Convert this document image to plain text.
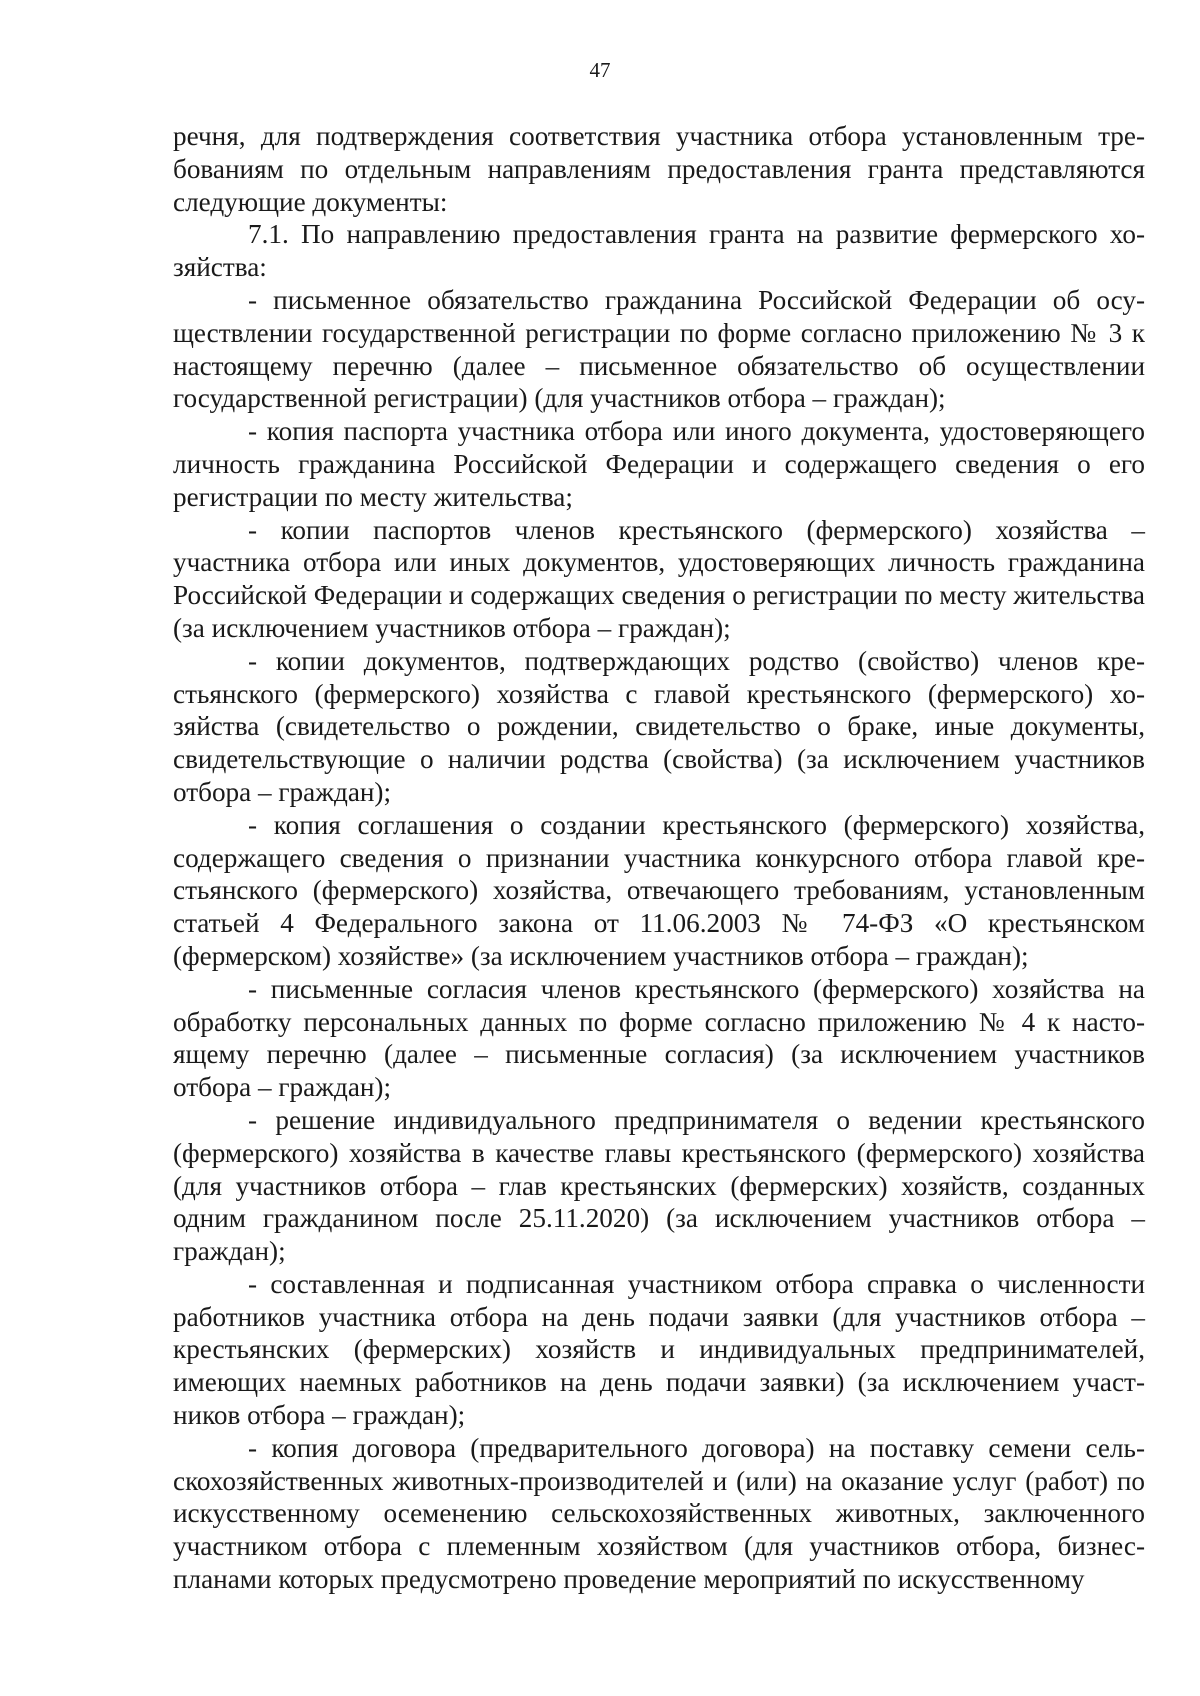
47

речня, для подтверждения соответствия участника отбора установленным требованиям по отдельным направлениям предоставления гранта представляются следующие документы:

7.1. По направлению предоставления гранта на развитие фермерского хозяйства:

- письменное обязательство гражданина Российской Федерации об осуществлении государственной регистрации по форме согласно приложению № 3 к настоящему перечню (далее – письменное обязательство об осуществлении государственной регистрации) (для участников отбора – граждан);

- копия паспорта участника отбора или иного документа, удостоверяющего личность гражданина Российской Федерации и содержащего сведения о его регистрации по месту жительства;

- копии паспортов членов крестьянского (фермерского) хозяйства – участника отбора или иных документов, удостоверяющих личность гражданина Российской Федерации и содержащих сведения о регистрации по месту жительства (за исключением участников отбора – граждан);

- копии документов, подтверждающих родство (свойство) членов крестьянского (фермерского) хозяйства с главой крестьянского (фермерского) хозяйства (свидетельство о рождении, свидетельство о браке, иные документы, свидетельствующие о наличии родства (свойства) (за исключением участников отбора – граждан);

- копия соглашения о создании крестьянского (фермерского) хозяйства, содержащего сведения о признании участника конкурсного отбора главой крестьянского (фермерского) хозяйства, отвечающего требованиям, установленным статьей 4 Федерального закона от 11.06.2003 № 74-ФЗ «О крестьянском (фермерском) хозяйстве» (за исключением участников отбора – граждан);

- письменные согласия членов крестьянского (фермерского) хозяйства на обработку персональных данных по форме согласно приложению № 4 к настоящему перечню (далее – письменные согласия) (за исключением участников отбора – граждан);

- решение индивидуального предпринимателя о ведении крестьянского (фермерского) хозяйства в качестве главы крестьянского (фермерского) хозяйства (для участников отбора – глав крестьянских (фермерских) хозяйств, созданных одним гражданином после 25.11.2020) (за исключением участников отбора – граждан);

- составленная и подписанная участником отбора справка о численности работников участника отбора на день подачи заявки (для участников отбора – крестьянских (фермерских) хозяйств и индивидуальных предпринимателей, имеющих наемных работников на день подачи заявки) (за исключением участников отбора – граждан);

- копия договора (предварительного договора) на поставку семени сельскохозяйственных животных-производителей и (или) на оказание услуг (работ) по искусственному осеменению сельскохозяйственных животных, заключенного участником отбора с племенным хозяйством (для участников отбора, бизнес-планами которых предусмотрено проведение мероприятий по искусственному
